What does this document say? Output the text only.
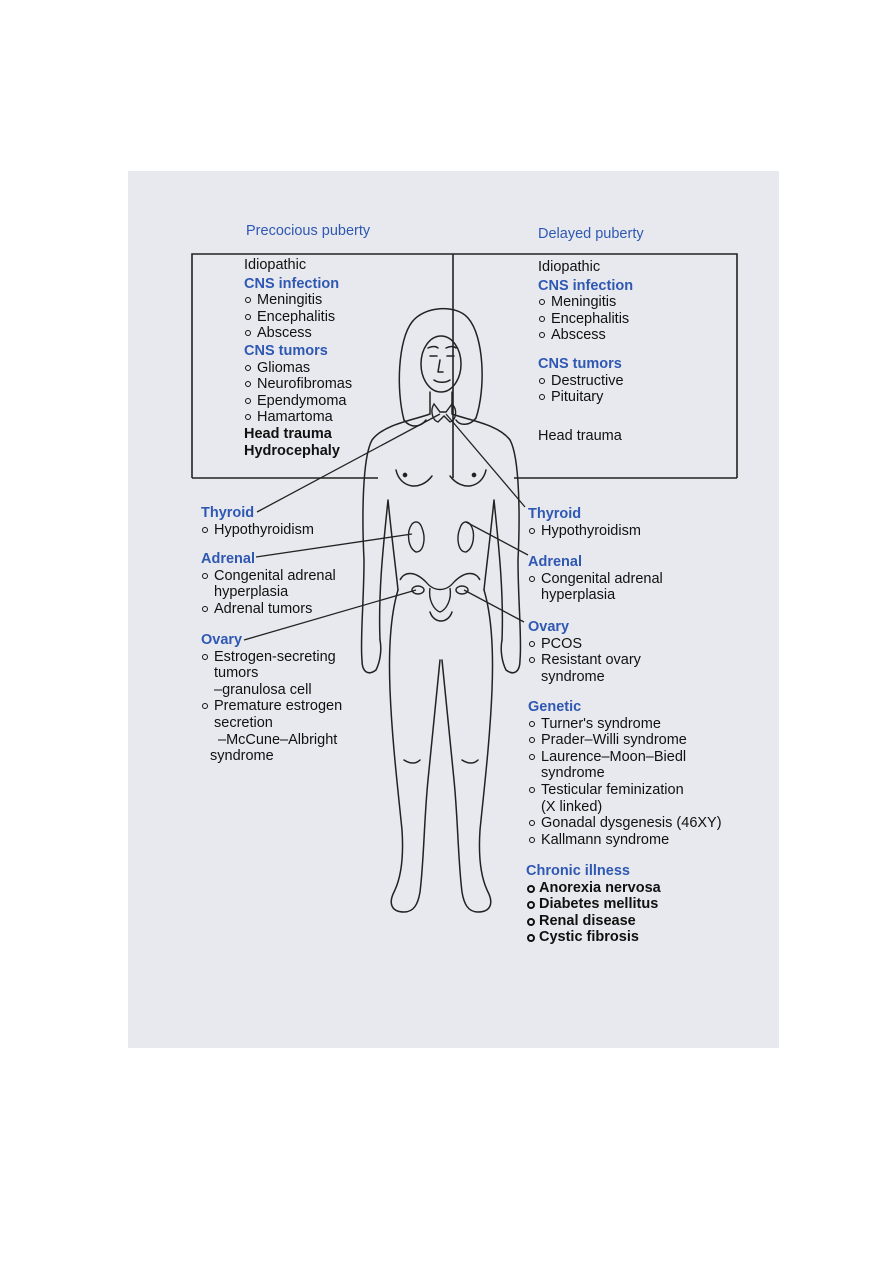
Precocious puberty	Delayed puberty
Idiopathic
CNS infection
Meningitis
Encephalitis
Abscess
CNS tumors
Gliomas
Neurofibromas
Ependymoma
Hamartoma
Head trauma
Hydrocephaly
Idiopathic
CNS infection
Meningitis
Encephalitis
Abscess
CNS tumors
Destructive
Pituitary
Head trauma
Thyroid
Hypothyroidism
Adrenal
Congenital adrenal
hyperplasia
Adrenal tumors
Ovary
Estrogen-secreting
tumors
–granulosa cell
Premature estrogen
secretion
–McCune–Albright
syndrome
Thyroid
Hypothyroidism
Adrenal
Congenital adrenal
hyperplasia
Ovary
PCOS
Resistant ovary
syndrome
Genetic
Turner's syndrome
Prader–Willi syndrome
Laurence–Moon–Biedl
syndrome
Testicular feminization
(X linked)
Gonadal dysgenesis (46XY)
Kallmann syndrome
Chronic illness
Anorexia nervosa
Diabetes mellitus
Renal disease
Cystic fibrosis
